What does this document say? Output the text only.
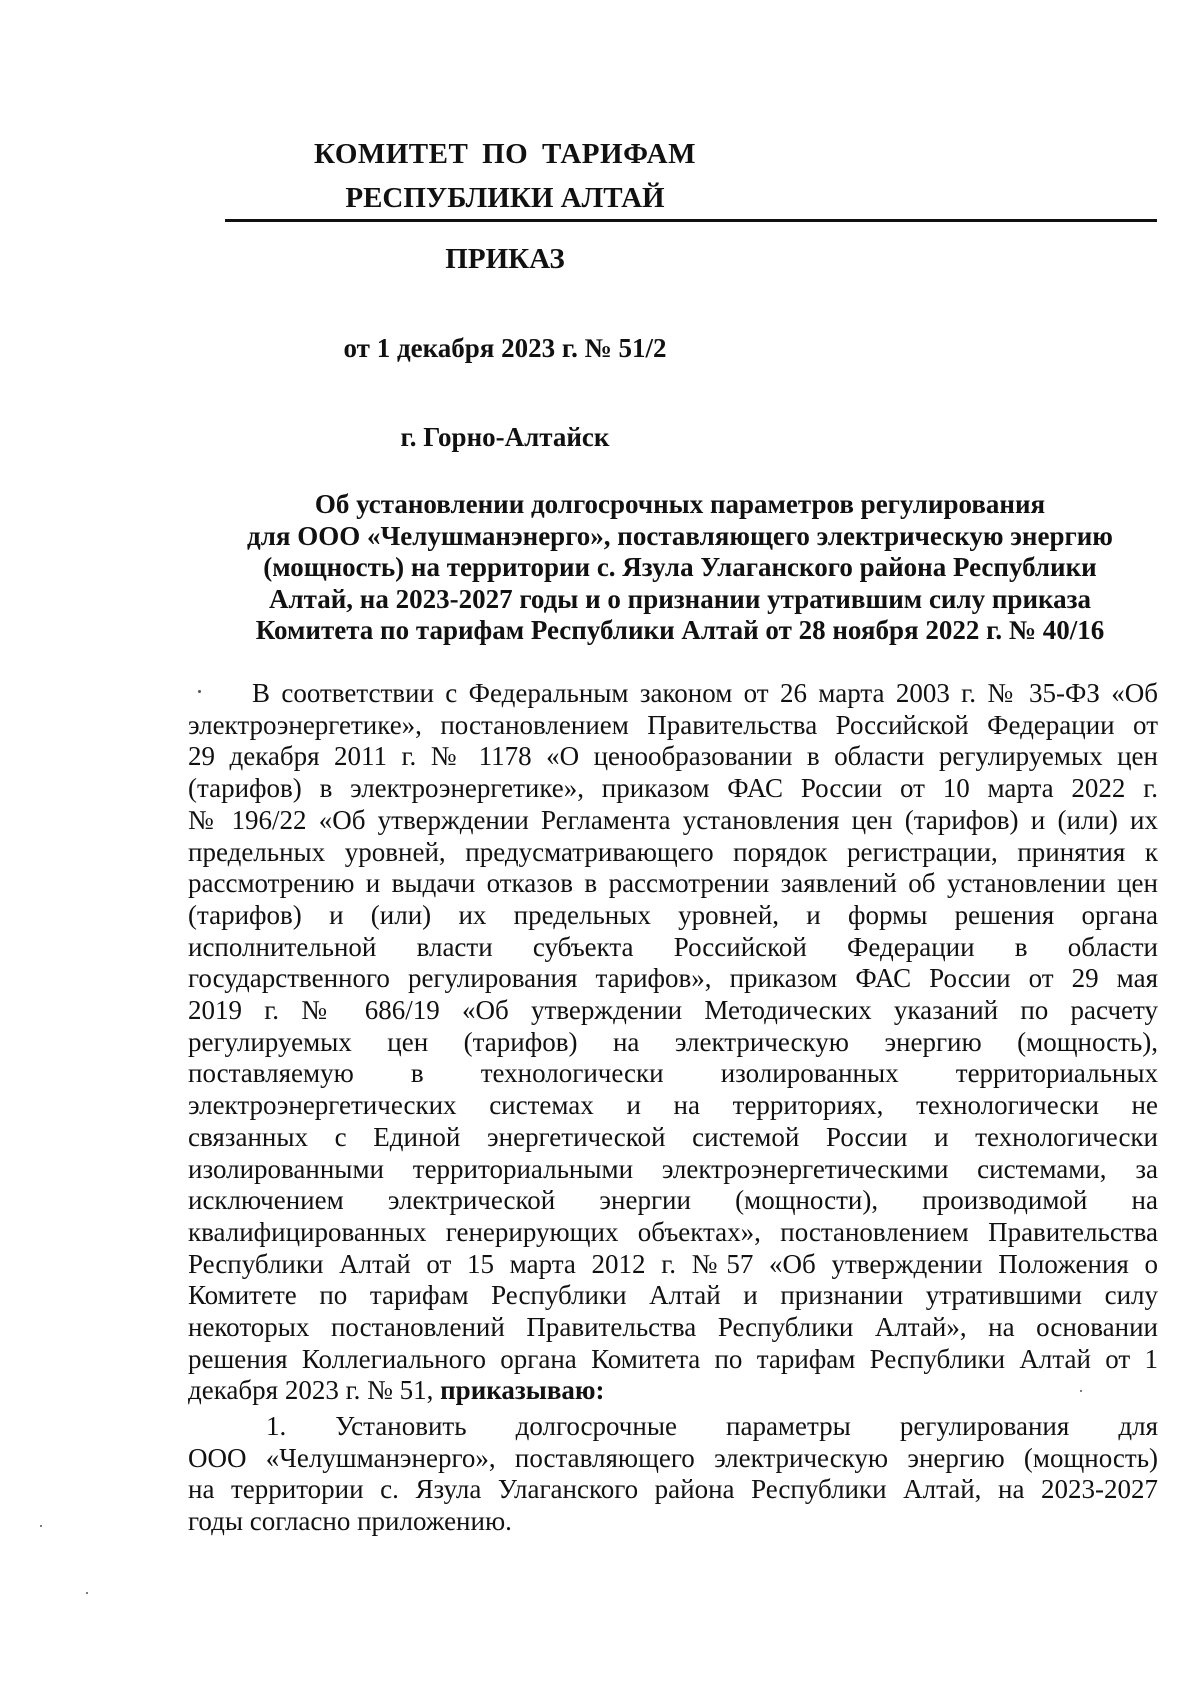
КОМИТЕТ ПО ТАРИФАМ
РЕСПУБЛИКИ АЛТАЙ
ПРИКАЗ
от 1 декабря 2023 г. № 51/2
г. Горно-Алтайск
Об установлении долгосрочных параметров регулирования
для ООО «Челушманэнерго», поставляющего электрическую энергию
(мощность) на территории с. Язула Улаганского района Республики
Алтай, на 2023-2027 годы и о признании утратившим силу приказа
Комитета по тарифам Республики Алтай от 28 ноября 2022 г. № 40/16
В соответствии с Федеральным законом от 26 марта 2003 г. № 35-ФЗ «Об
электроэнергетике», постановлением Правительства Российской Федерации от
29 декабря 2011 г. № 1178 «О ценообразовании в области регулируемых цен
(тарифов) в электроэнергетике», приказом ФАС России от 10 марта 2022 г.
№ 196/22 «Об утверждении Регламента установления цен (тарифов) и (или) их
предельных уровней, предусматривающего порядок регистрации, принятия к
рассмотрению и выдачи отказов в рассмотрении заявлений об установлении цен
(тарифов) и (или) их предельных уровней, и формы решения органа
исполнительной власти субъекта Российской Федерации в области
государственного регулирования тарифов», приказом ФАС России от 29 мая
2019 г. № 686/19 «Об утверждении Методических указаний по расчету
регулируемых цен (тарифов) на электрическую энергию (мощность),
поставляемую в технологически изолированных территориальных
электроэнергетических системах и на территориях, технологически не
связанных с Единой энергетической системой России и технологически
изолированными территориальными электроэнергетическими системами, за
исключением электрической энергии (мощности), производимой на
квалифицированных генерирующих объектах», постановлением Правительства
Республики Алтай от 15 марта 2012 г. №57 «Об утверждении Положения о
Комитете по тарифам Республики Алтай и признании утратившими силу
некоторых постановлений Правительства Республики Алтай», на основании
решения Коллегиального органа Комитета по тарифам Республики Алтай от 1
декабря 2023 г. № 51, приказываю:
1. Установить долгосрочные параметры регулирования для
ООО «Челушманэнерго», поставляющего электрическую энергию (мощность)
на территории с. Язула Улаганского района Республики Алтай, на 2023-2027
годы согласно приложению.
